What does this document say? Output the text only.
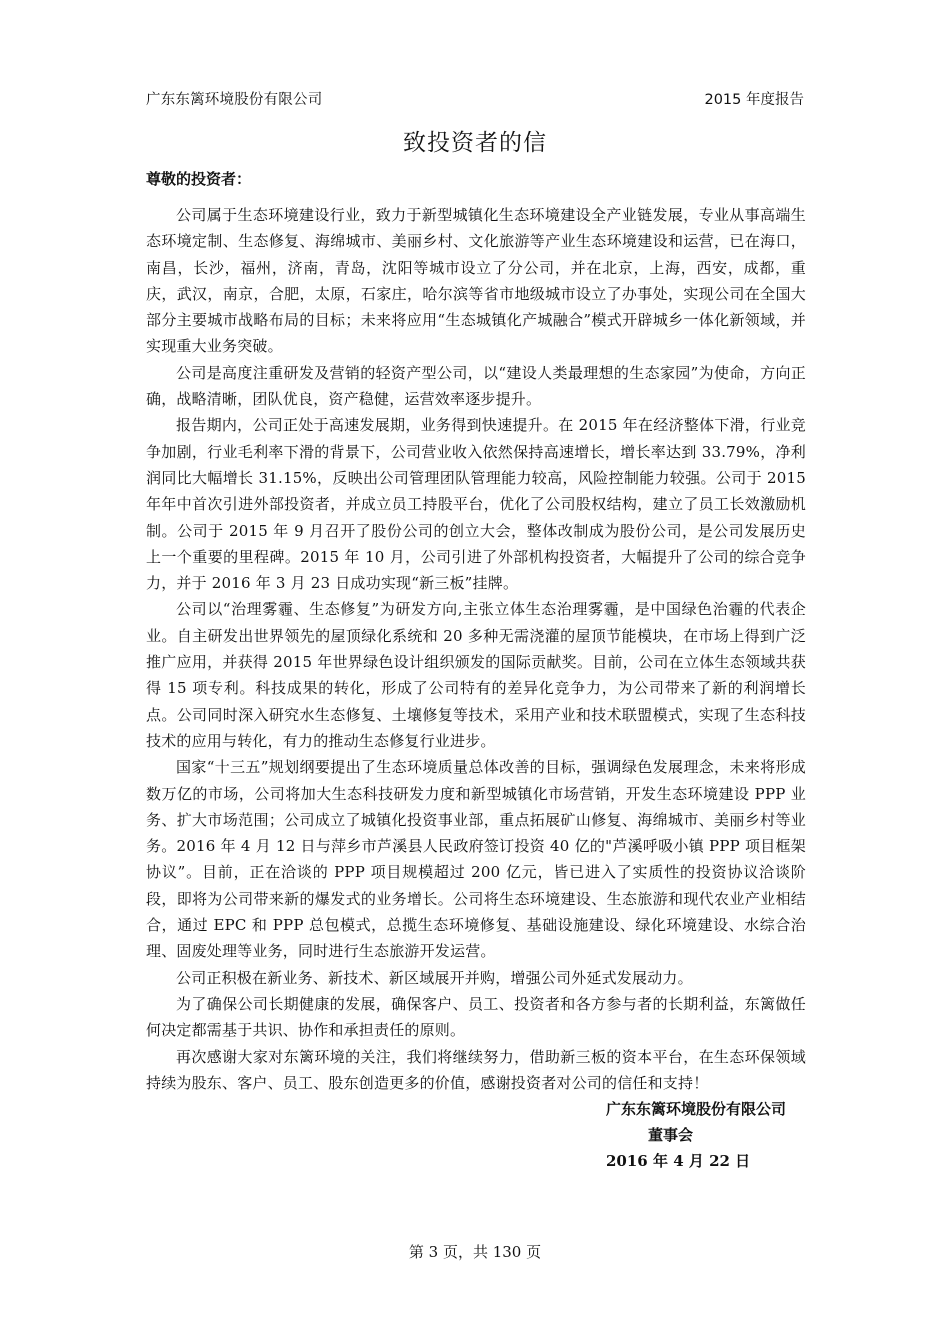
广东东篱环境股份有限公司	2015 年度报告
致投资者的信
尊敬的投资者：

公司属于生态环境建设行业，致力于新型城镇化生态环境建设全产业链发展，专业从事高端生态环境定制、生态修复、海绵城市、美丽乡村、文化旅游等产业生态环境建设和运营，已在海口，南昌，长沙，福州，济南，青岛，沈阳等城市设立了分公司，并在北京，上海，西安，成都，重庆，武汉，南京，合肥，太原，石家庄，哈尔滨等省市地级城市设立了办事处，实现公司在全国大部分主要城市战略布局的目标；未来将应用“生态城镇化产城融合”模式开辟城乡一体化新领域，并实现重大业务突破。

公司是高度注重研发及营销的轻资产型公司，以“建设人类最理想的生态家园”为使命，方向正确，战略清晰，团队优良，资产稳健，运营效率逐步提升。

报告期内，公司正处于高速发展期，业务得到快速提升。在 2015 年在经济整体下滑，行业竞争加剧，行业毛利率下滑的背景下，公司营业收入依然保持高速增长，增长率达到 33.79%，净利润同比大幅增长 31.15%，反映出公司管理团队管理能力较高，风险控制能力较强。公司于 2015 年年中首次引进外部投资者，并成立员工持股平台，优化了公司股权结构，建立了员工长效激励机制。公司于 2015 年 9 月召开了股份公司的创立大会，整体改制成为股份公司，是公司发展历史上一个重要的里程碑。2015 年 10 月，公司引进了外部机构投资者，大幅提升了公司的综合竞争力，并于 2016 年 3 月 23 日成功实现“新三板”挂牌。

公司以“治理雾霾、生态修复”为研发方向,主张立体生态治理雾霾，是中国绿色治霾的代表企业。自主研发出世界领先的屋顶绿化系统和 20 多种无需浇灌的屋顶节能模块，在市场上得到广泛推广应用，并获得 2015 年世界绿色设计组织颁发的国际贡献奖。目前，公司在立体生态领域共获得 15 项专利。科技成果的转化，形成了公司特有的差异化竞争力，为公司带来了新的利润增长点。公司同时深入研究水生态修复、土壤修复等技术，采用产业和技术联盟模式，实现了生态科技技术的应用与转化，有力的推动生态修复行业进步。

国家“十三五”规划纲要提出了生态环境质量总体改善的目标，强调绿色发展理念，未来将形成数万亿的市场，公司将加大生态科技研发力度和新型城镇化市场营销，开发生态环境建设 PPP 业务、扩大市场范围；公司成立了城镇化投资事业部，重点拓展矿山修复、海绵城市、美丽乡村等业务。2016 年 4 月 12 日与萍乡市芦溪县人民政府签订投资 40 亿的"芦溪呼吸小镇 PPP 项目框架协议”。目前，正在洽谈的 PPP 项目规模超过 200 亿元，皆已进入了实质性的投资协议洽谈阶段，即将为公司带来新的爆发式的业务增长。公司将生态环境建设、生态旅游和现代农业产业相结合，通过 EPC 和 PPP 总包模式，总揽生态环境修复、基础设施建设、绿化环境建设、水综合治理、固废处理等业务，同时进行生态旅游开发运营。

公司正积极在新业务、新技术、新区域展开并购，增强公司外延式发展动力。

为了确保公司长期健康的发展，确保客户、员工、投资者和各方参与者的长期利益，东篱做任何决定都需基于共识、协作和承担责任的原则。

再次感谢大家对东篱环境的关注，我们将继续努力，借助新三板的资本平台，在生态环保领域持续为股东、客户、员工、股东创造更多的价值，感谢投资者对公司的信任和支持！

广东东篱环境股份有限公司
董事会
2016 年 4 月 22 日
第 3 页，共 130 页
